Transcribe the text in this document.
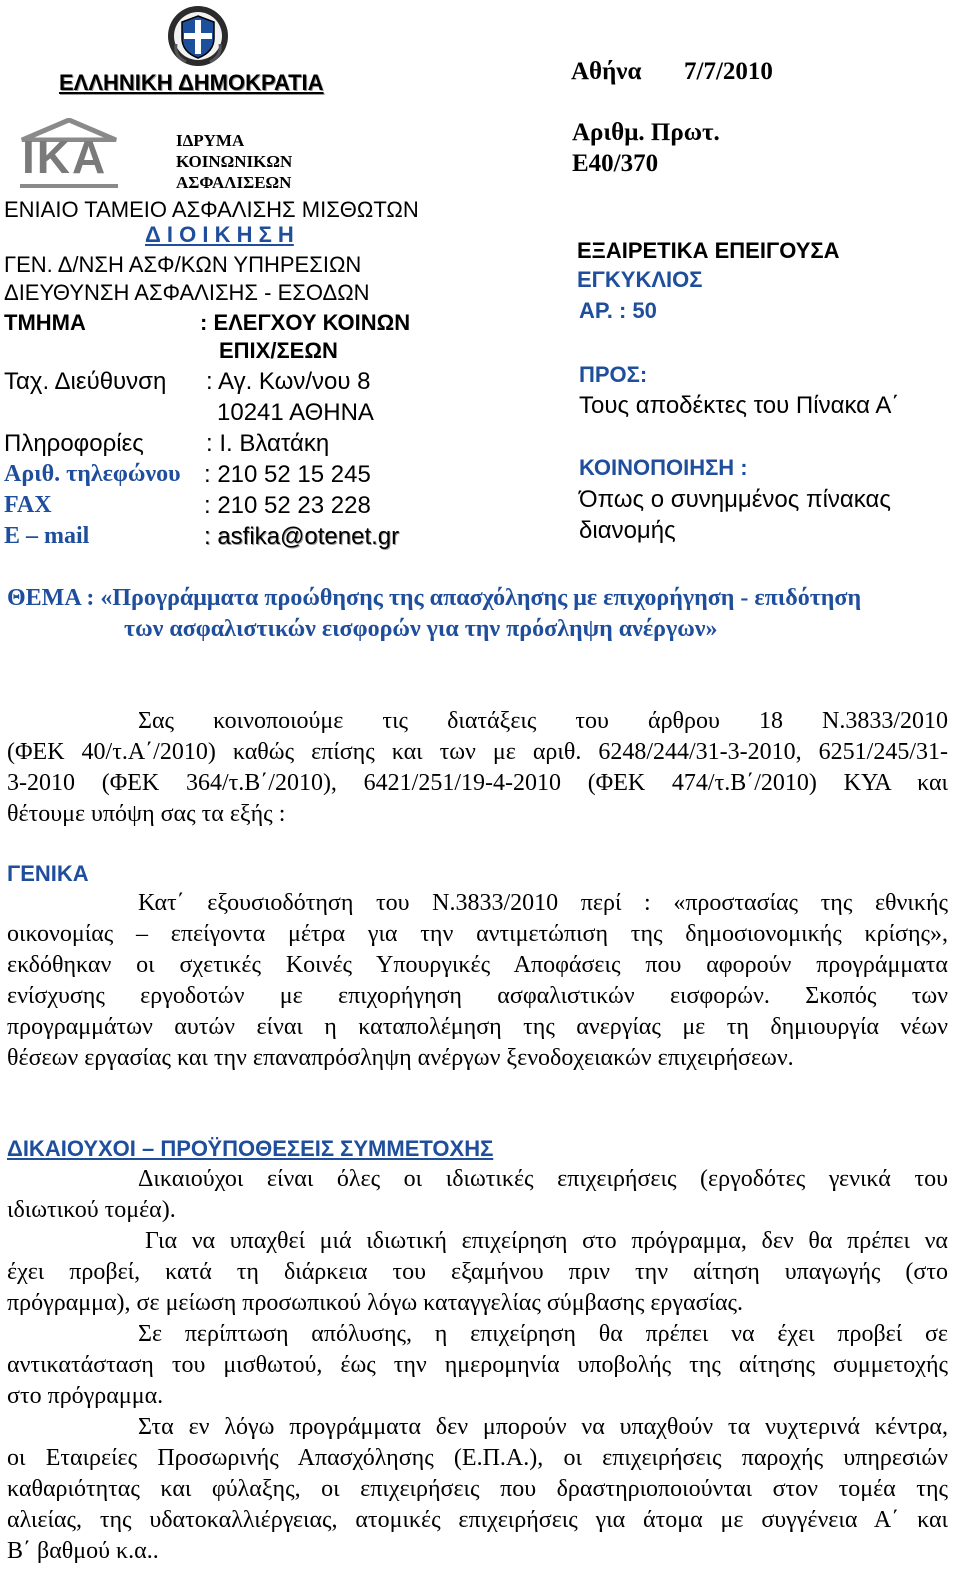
ΕΛΛΗΝΙΚΗ ΔΗΜΟΚΡΑΤΙΑ
IKA	ΙΔΡΥΜΑ
ΚΟΙΝΩΝΙΚΩΝ
ΑΣΦΑΛΙΣΕΩΝ
ΕΝΙΑΙΟ ΤΑΜΕΙΟ ΑΣΦΑΛΙΣΗΣ ΜΙΣΘΩΤΩΝ
Δ Ι Ο Ι Κ Η Σ Η
ΓΕΝ. Δ/ΝΣΗ ΑΣΦ/ΚΩΝ ΥΠΗΡΕΣΙΩΝ
ΔΙΕΥΘΥΝΣΗ ΑΣΦΑΛΙΣΗΣ - ΕΣΟΔΩΝ
ΤΜΗΜΑ	: ΕΛΕΓΧΟΥ ΚΟΙΝΩΝ
ΕΠΙΧ/ΣΕΩΝ
Ταχ. Διεύθυνση : Αγ. Κων/νου 8
10241 ΑΘΗΝΑ
Πληροφορίες	: Ι. Βλατάκη
Αριθ. τηλεφώνου : 210 52 15 245
FAX	: 210 52 23 228
E – mail	: asfika@otenet.gr
Αθήνα 7/7/2010
Αριθμ. Πρωτ.
Ε40/370
ΕΞΑΙΡΕΤΙΚΑ ΕΠΕΙΓΟΥΣΑ
ΕΓΚΥΚΛΙΟΣ
ΑΡ. : 50
ΠΡΟΣ:
Τους αποδέκτες του Πίνακα Α΄
ΚΟΙΝΟΠΟΙΗΣΗ :
Όπως ο συνημμένος πίνακας
διανομής
ΘΕΜΑ : «Προγράμματα προώθησης της απασχόλησης με επιχορήγηση - επιδότηση
των ασφαλιστικών εισφορών για την πρόσληψη ανέργων»
Σας κοινοποιούμε τις διατάξεις του άρθρου 18 Ν.3833/2010
(ΦΕΚ 40/τ.Α΄/2010) καθώς επίσης και των με αριθ. 6248/244/31-3-2010, 6251/245/31-
3-2010 (ΦΕΚ 364/τ.Β΄/2010), 6421/251/19-4-2010 (ΦΕΚ 474/τ.Β΄/2010) ΚΥΑ και
θέτουμε υπόψη σας τα εξής :
ΓΕΝΙΚΑ
Κατ΄ εξουσιοδότηση του Ν.3833/2010 περί : «προστασίας της εθνικής
οικονομίας – επείγοντα μέτρα για την αντιμετώπιση της δημοσιονομικής κρίσης»,
εκδόθηκαν οι σχετικές Κοινές Υπουργικές Αποφάσεις που αφορούν προγράμματα
ενίσχυσης εργοδοτών με επιχορήγηση ασφαλιστικών εισφορών. Σκοπός των
προγραμμάτων αυτών είναι η καταπολέμηση της ανεργίας με τη δημιουργία νέων
θέσεων εργασίας και την επαναπρόσληψη ανέργων ξενοδοχειακών επιχειρήσεων.
ΔΙΚΑΙΟΥΧΟΙ – ΠΡΟΫΠΟΘΕΣΕΙΣ ΣΥΜΜΕΤΟΧΗΣ
Δικαιούχοι είναι όλες οι ιδιωτικές επιχειρήσεις (εργοδότες γενικά του
ιδιωτικού τομέα).
Για να υπαχθεί μιά ιδιωτική επιχείρηση στο πρόγραμμα, δεν θα πρέπει να
έχει προβεί, κατά τη διάρκεια του εξαμήνου πριν την αίτηση υπαγωγής (στο
πρόγραμμα), σε μείωση προσωπικού λόγω καταγγελίας σύμβασης εργασίας.
Σε περίπτωση απόλυσης, η επιχείρηση θα πρέπει να έχει προβεί σε
αντικατάσταση του μισθωτού, έως την ημερομηνία υποβολής της αίτησης συμμετοχής
στο πρόγραμμα.
Στα εν λόγω προγράμματα δεν μπορούν να υπαχθούν τα νυχτερινά κέντρα,
οι Εταιρείες Προσωρινής Απασχόλησης (Ε.Π.Α.), οι επιχειρήσεις παροχής υπηρεσιών
καθαριότητας και φύλαξης, οι επιχειρήσεις που δραστηριοποιούνται στον τομέα της
αλιείας, της υδατοκαλλιέργειας, ατομικές επιχειρήσεις για άτομα με συγγένεια Α΄ και
Β΄ βαθμού κ.α..
